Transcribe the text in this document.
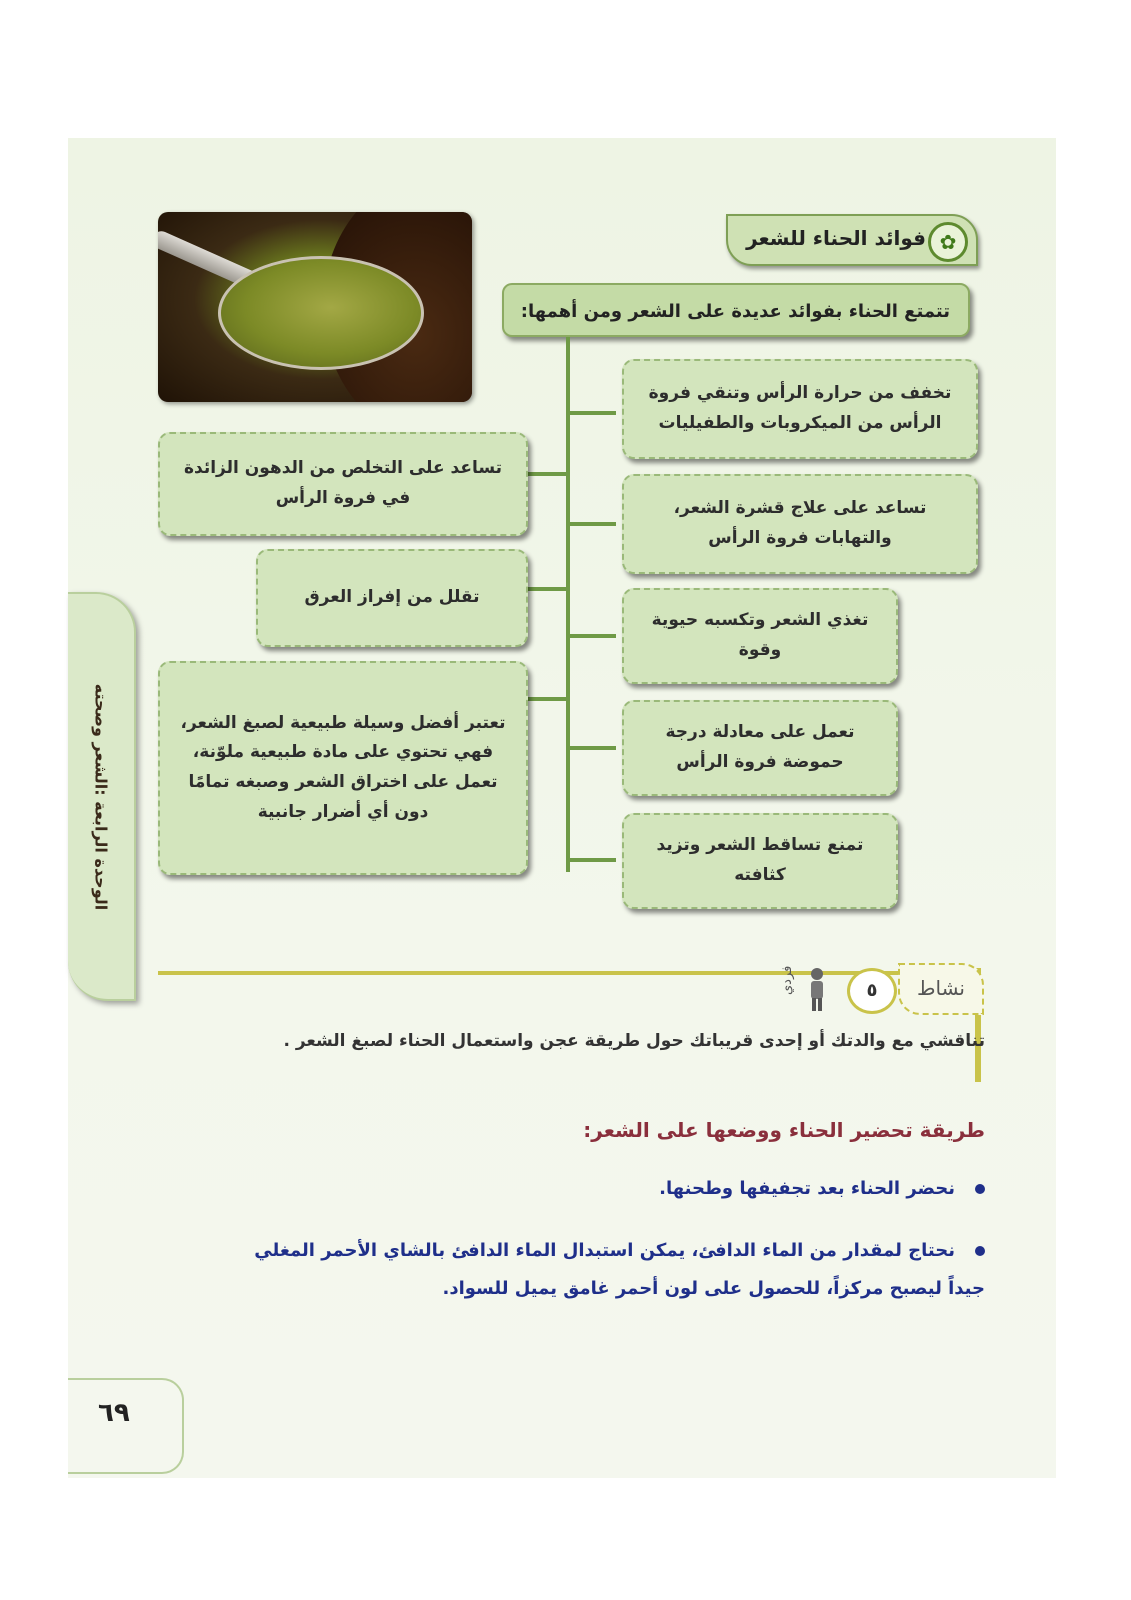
الوحدة الرابعة :الشعر وصحته
✿
فوائد الحناء للشعر
تتمتع الحناء بفوائد عديدة على الشعر ومن أهمها:
تخفف من حرارة الرأس وتنقي فروة الرأس من الميكروبات والطفيليات
تساعد على علاج قشرة الشعر، والتهابات فروة الرأس
تغذي الشعر وتكسبه حيوية وقوة
تعمل على معادلة درجة حموضة فروة الرأس
تمنع تساقط الشعر وتزيد كثافته
تساعد على التخلص من الدهون الزائدة في فروة الرأس
تقلل من إفراز العرق
تعتبر أفضل وسيلة طبيعية لصبغ الشعر، فهي تحتوي على مادة طبيعية ملوّنة، تعمل على اختراق الشعر وصبغه تمامًا دون أي أضرار جانبية
نشاط
٥
فردي
تناقشي مع والدتك أو إحدى قريباتك حول طريقة عجن واستعمال الحناء لصبغ الشعر .
طريقة تحضير الحناء ووضعها على الشعر:
نحضر الحناء بعد تجفيفها وطحنها.
نحتاج لمقدار من الماء الدافئ، يمكن استبدال الماء الدافئ بالشاي الأحمر المغلي جيداً ليصبح مركزاً، للحصول على لون أحمر غامق يميل للسواد.
٦٩
